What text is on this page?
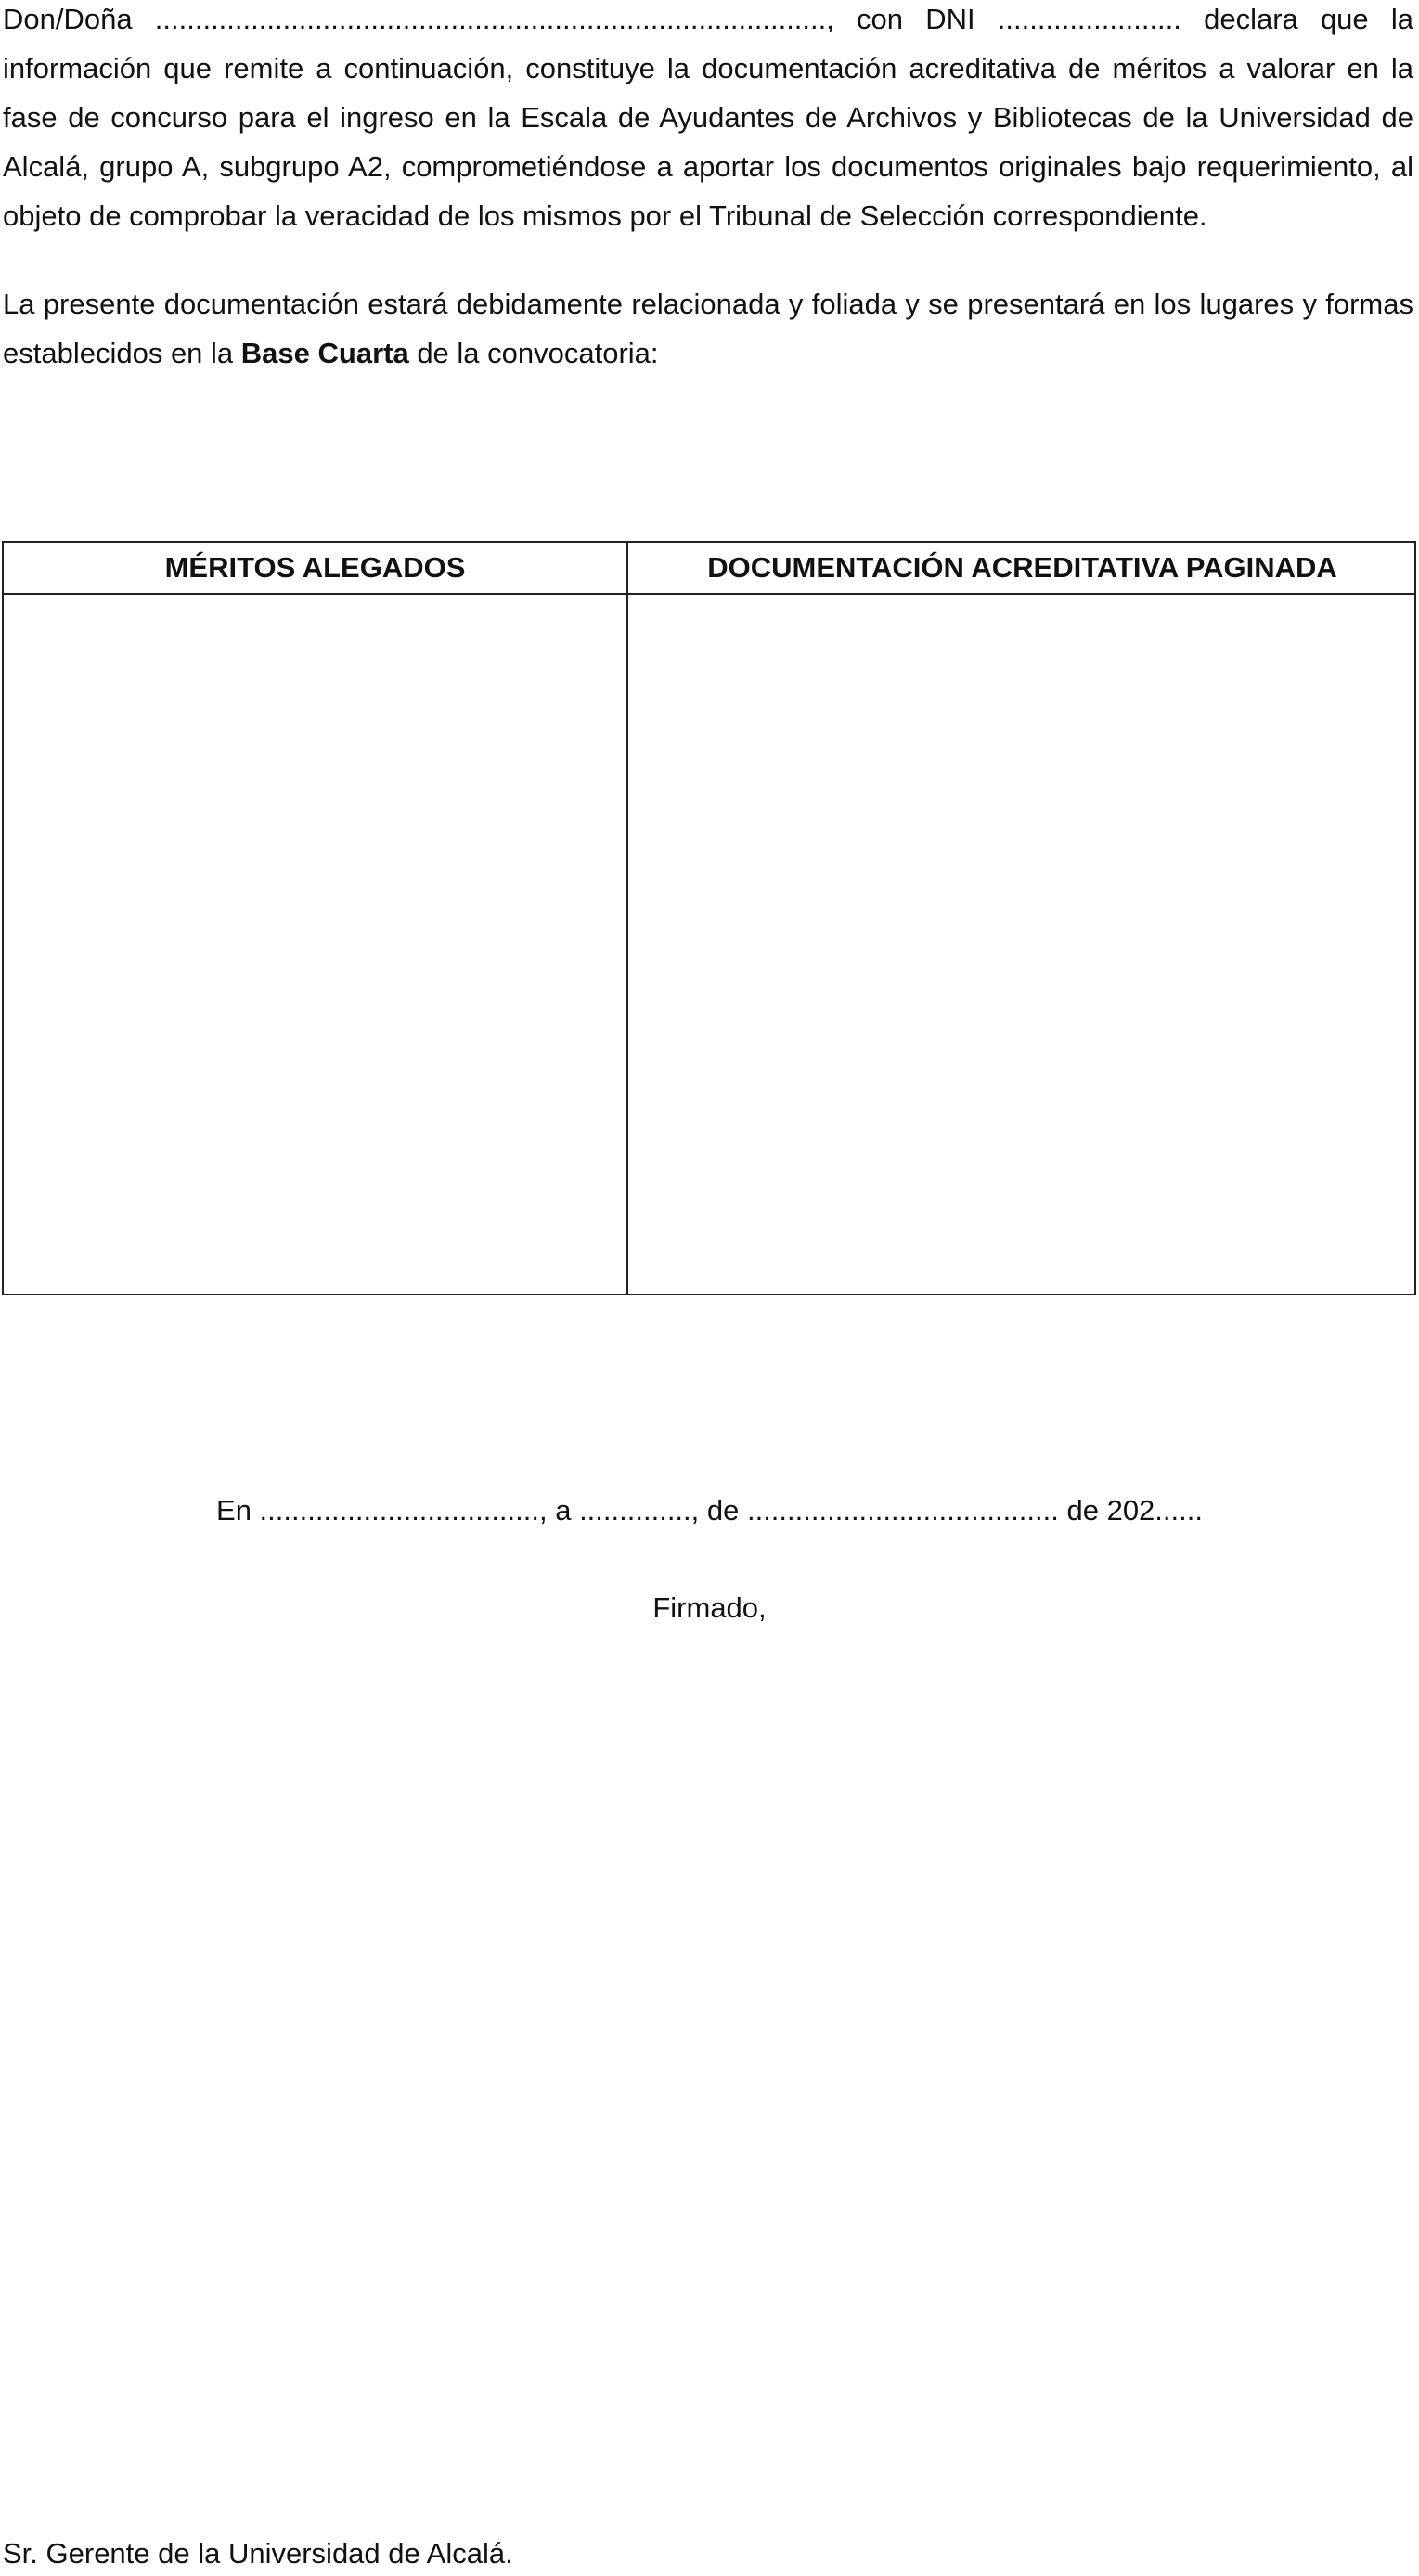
Don/Doña ...................................................................................., con DNI ....................... declara que la información que remite a continuación, constituye la documentación acreditativa de méritos a valorar en la fase de concurso para el ingreso en la Escala de Ayudantes de Archivos y Bibliotecas de la Universidad de Alcalá, grupo A, subgrupo A2, comprometiéndose a aportar los documentos originales bajo requerimiento, al objeto de comprobar la veracidad de los mismos por el Tribunal de Selección correspondiente.

La presente documentación estará debidamente relacionada y foliada y se presentará en los lugares y formas establecidos en la Base Cuarta de la convocatoria:

MÉRITOS ALEGADOS	DOCUMENTACIÓN ACREDITATIVA PAGINADA
En ..................................., a .............., de ....................................... de 202......
Firmado,
Sr. Gerente de la Universidad de Alcalá.
